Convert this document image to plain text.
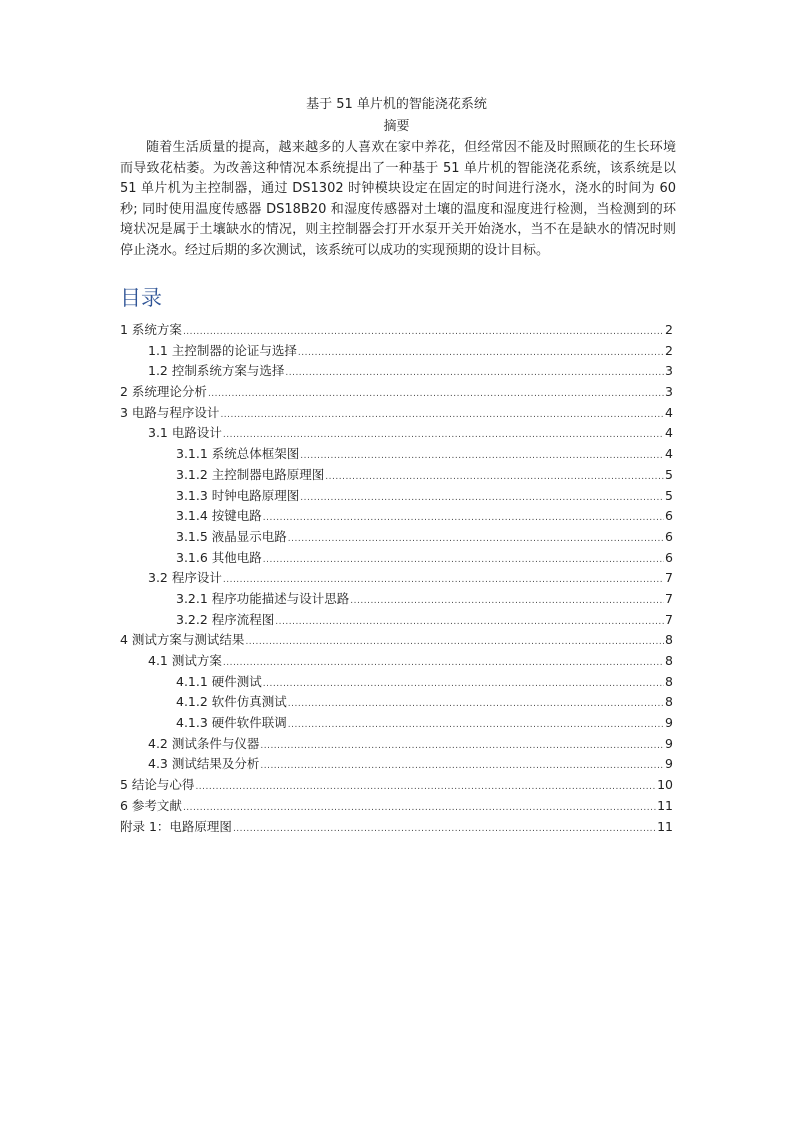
基于 51 单片机的智能浇花系统
摘要

随着生活质量的提高，越来越多的人喜欢在家中养花，但经常因不能及时照顾花的生长环境而导致花枯萎。为改善这种情况本系统提出了一种基于 51 单片机的智能浇花系统，该系统是以 51 单片机为主控制器，通过 DS1302 时钟模块设定在固定的时间进行浇水，浇水的时间为 60 秒; 同时使用温度传感器 DS18B20 和湿度传感器对土壤的温度和湿度进行检测，当检测到的环境状况是属于土壤缺水的情况，则主控制器会打开水泵开关开始浇水，当不在是缺水的情况时则停止浇水。经过后期的多次测试，该系统可以成功的实现预期的设计目标。

目录
1 系统方案 .....	2
1.1 主控制器的论证与选择 .....	2
1.2 控制系统方案与选择 .....	3
2 系统理论分析 .....	3
3 电路与程序设计 .....	4
3.1 电路设计 .....	4
3.1.1 系统总体框架图 .....	4
3.1.2 主控制器电路原理图 .....	5
3.1.3 时钟电路原理图 .....	5
3.1.4 按键电路 .....	6
3.1.5 液晶显示电路 .....	6
3.1.6 其他电路 .....	6
3.2 程序设计 .....	7
3.2.1 程序功能描述与设计思路 .....	7
3.2.2 程序流程图 .....	7
4 测试方案与测试结果 .....	8
4.1 测试方案 .....	8
4.1.1 硬件测试 .....	8
4.1.2 软件仿真测试 .....	8
4.1.3 硬件软件联调 .....	9
4.2 测试条件与仪器 .....	9
4.3 测试结果及分析 .....	9
5 结论与心得 .....	10
6 参考文献 .....	11
附录 1：电路原理图 .....	11
